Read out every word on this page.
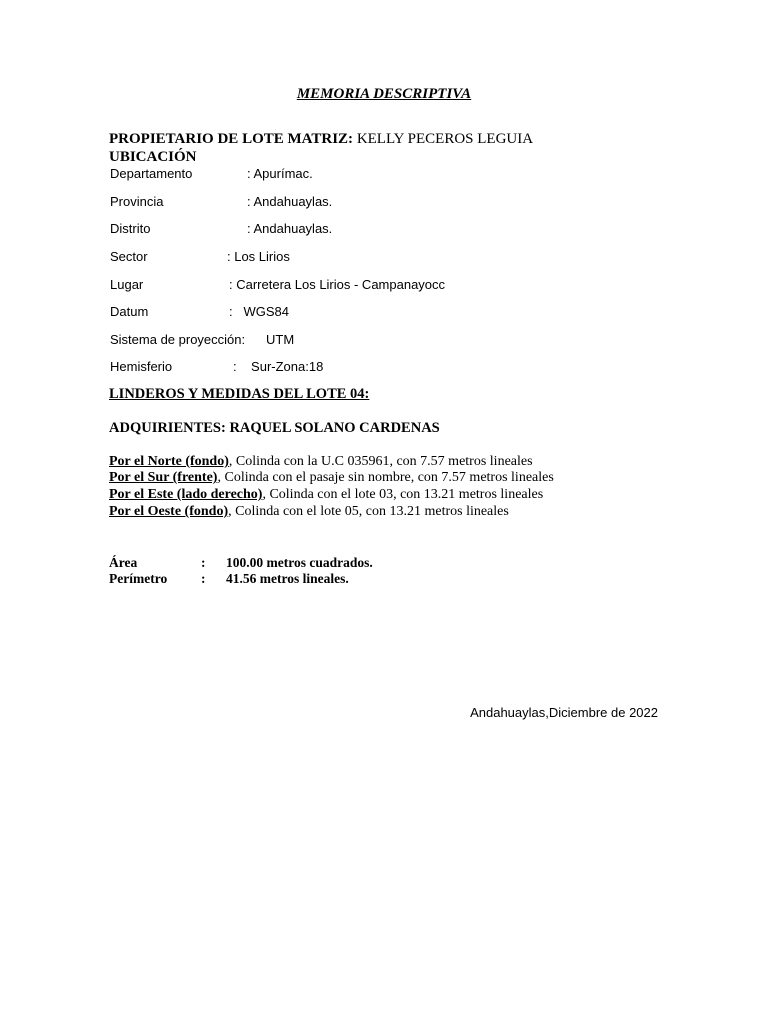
MEMORIA DESCRIPTIVA
PROPIETARIO DE LOTE MATRIZ: KELLY PECEROS LEGUIA
UBICACIÓN
Departamento	: Apurímac.
Provincia	: Andahuaylas.
Distrito	: Andahuaylas.
Sector	: Los Lirios
Lugar	: Carretera Los Lirios - Campanayocc
Datum	:   WGS84
Sistema de proyección: UTM
Hemisferio	:    Sur-Zona:18
LINDEROS Y MEDIDAS DEL LOTE 04:
ADQUIRIENTES: RAQUEL SOLANO CARDENAS
Por el Norte (fondo), Colinda con la U.C 035961, con 7.57 metros lineales
Por el Sur (frente), Colinda con el pasaje sin nombre, con 7.57 metros lineales
Por el Este (lado derecho), Colinda con el lote 03, con 13.21 metros lineales
Por el Oeste (fondo), Colinda con el lote 05, con 13.21 metros lineales
Área	: 100.00 metros cuadrados.
Perímetro	: 41.56 metros lineales.
Andahuaylas,Diciembre de 2022
